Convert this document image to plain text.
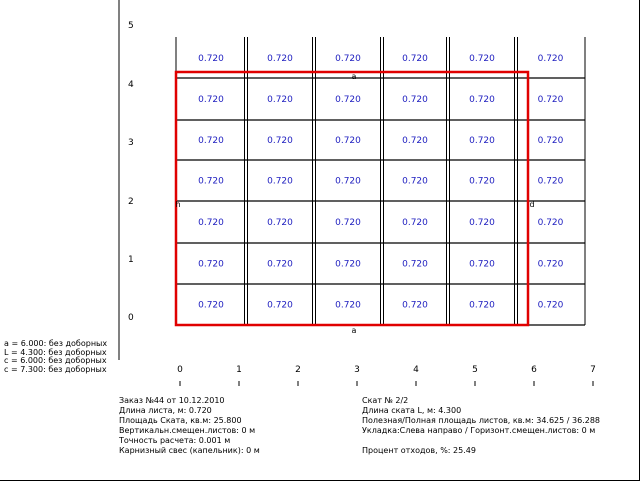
0
1
2
3
4
5
0	1	2	3	4	5	6	7
0.720	0.720	0.720	0.720	0.720	0.720
0.720	0.720	0.720	0.720	0.720	0.720
0.720	0.720	0.720	0.720	0.720	0.720
0.720	0.720	0.720	0.720	0.720	0.720
0.720	0.720	0.720	0.720	0.720	0.720
0.720	0.720	0.720	0.720	0.720	0.720
0.720	0.720	0.720	0.720	0.720	0.720
a
a
h	d
a = 6.000: без доборных
L = 4.300: без доборных
c = 6.000: без доборных
c = 7.300: без доборных
Заказ №44 от 10.12.2010
Длина листа, м: 0.720
Площадь Ската, кв.м: 25.800
Вертикальн.смещен.листов: 0 м
Точность расчета: 0.001 м
Карнизный свес (капельник): 0 м
Скат № 2/2
Длина ската L, м: 4.300
Полезная/Полная площадь листов, кв.м: 34.625 / 36.288
Укладка:Слева направо / Горизонт.смещен.листов: 0 м

Процент отходов, %: 25.49
